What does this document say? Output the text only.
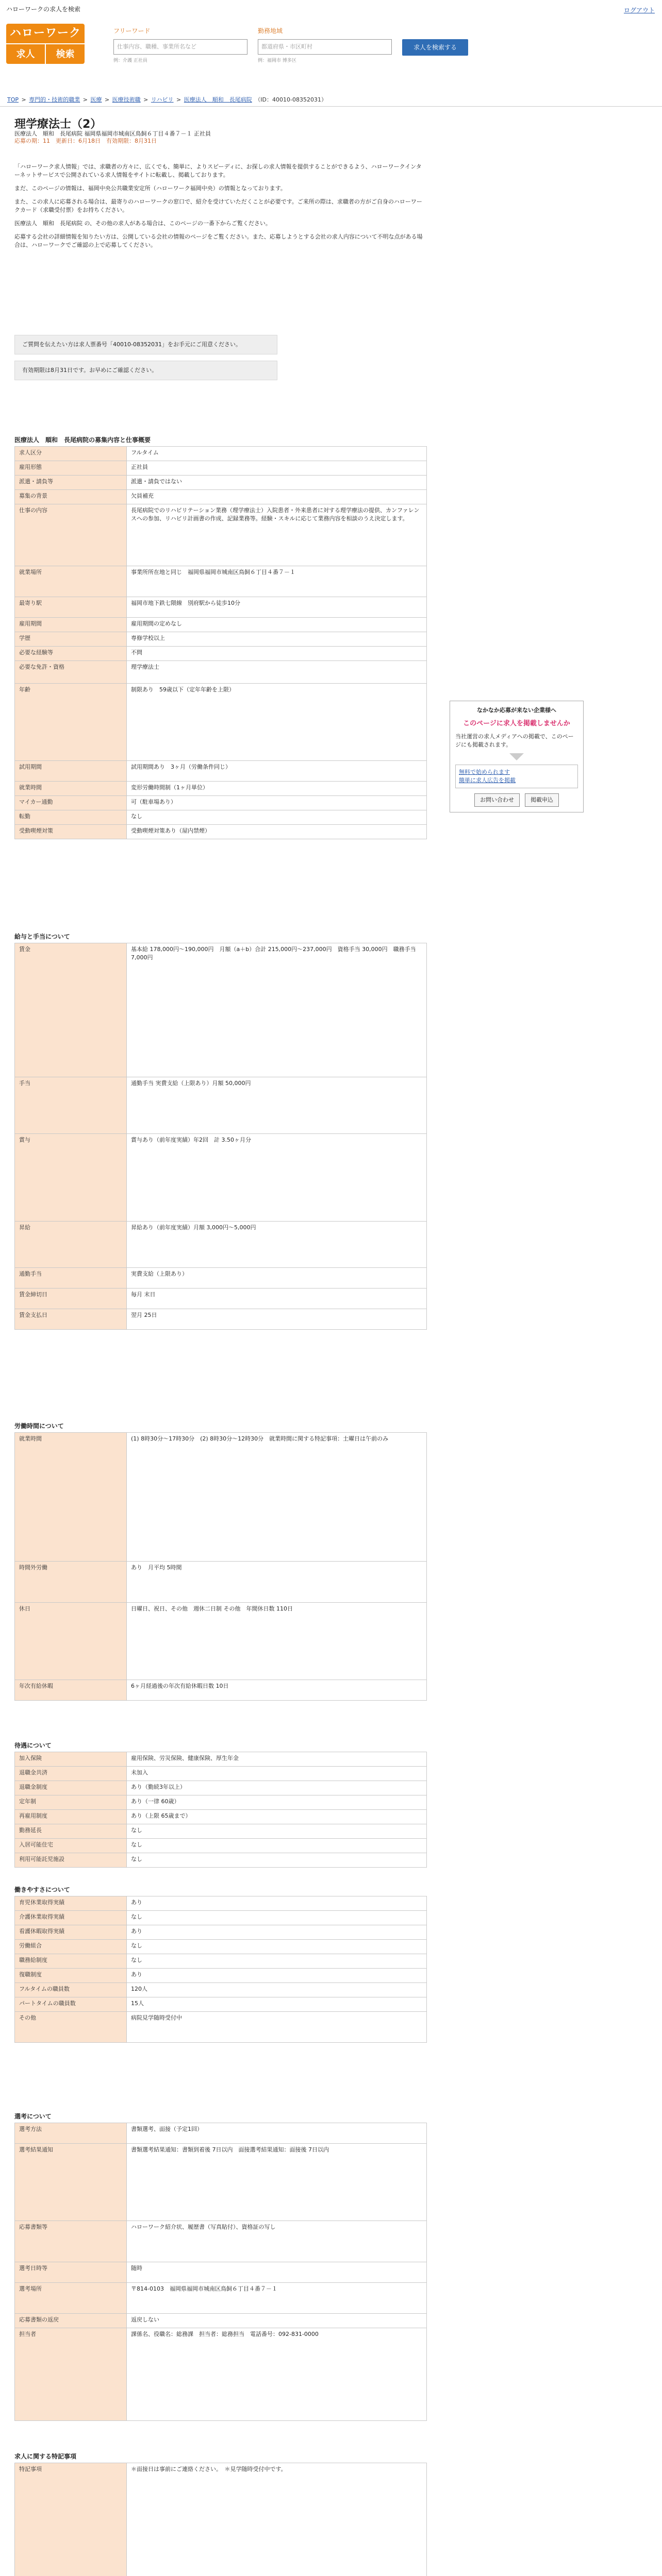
ハローワークの求人を検索	ログアウト
ハローワーク
求人	検索
フリーワード	勤務地域
仕事内容、職種、事業所名など	都道府県・市区町村	求人を検索する
例：介護 正社員	例：福岡市 博多区
TOP > 専門的・技術的職業 > 医療 > 医療技術職 > リハビリ > 医療法人　順和　長尾病院 （ID：40010-08352031）
理学療法士（2）
医療法人　順和　長尾病院 福岡県福岡市城南区鳥飼６丁目４番７－１ 正社員
応募の期：11　更新日：6月18日　有効期限：8月31日

「ハローワーク求人情報」では、求職者の方々に、広くでも、簡単に、よりスピーディに、お探しの求人情報を提供することができるよう、ハローワークインターネットサービスで公開されている求人情報をサイトに転載し、掲載しております。

まだ、このページの情報は、福岡中央公共職業安定所（ハローワーク福岡中央）の情報となっております。

また、この求人に応募される場合は、最寄りのハローワークの窓口で、紹介を受けていただくことが必要です。ご来所の際は、求職者の方がご自身のハローワークカード（求職受付票）をお持ちください。

医療法人　順和　長尾病院 の、その他の求人がある場合は、このページの一番下からご覧ください。

応募する会社の詳細情報を知りたい方は、公開している会社の情報のページをご覧ください。また、応募しようとする会社の求人内容について不明な点がある場合は、ハローワークでご確認の上で応募してください。

ご質問を伝えたい方は求人票番号「40010-08352031」をお手元にご用意ください。
有効期限は8月31日です。お早めにご確認ください。
医療法人　順和　長尾病院の募集内容と仕事概要
求人区分	フルタイム
雇用形態	正社員
派遣・請負等	派遣・請負ではない
募集の背景	欠員補充
仕事の内容	長尾病院でのリハビリテーション業務（理学療法士）入院患者・外来患者に対する理学療法の提供、カンファレンスへの参加、リハビリ計画書の作成、記録業務等。経験・スキルに応じて業務内容を相談のうえ決定します。
就業場所	事業所所在地と同じ　福岡県福岡市城南区鳥飼６丁目４番７－１
最寄り駅	福岡市地下鉄七隈線　別府駅から徒歩10分
雇用期間	雇用期間の定めなし
学歴	専修学校以上
必要な経験等	不問
必要な免許・資格	理学療法士
年齢	制限あり　59歳以下（定年年齢を上限）
試用期間	試用期間あり　3ヶ月（労働条件同じ）
就業時間	変形労働時間制（1ヶ月単位）
マイカー通勤	可（駐車場あり）
転勤	なし
受動喫煙対策	受動喫煙対策あり（屋内禁煙）
なかなか応募が来ない企業様へ
このページに求人を掲載しませんか
当社運営の求人メディアへの掲載で、このページにも掲載されます。
無料で始められます
簡単に求人広告を掲載
お問い合わせ	掲載申込
給与と手当について
賃金	基本給 178,000円〜190,000円　月額（a＋b）合計 215,000円〜237,000円　資格手当 30,000円　職務手当 7,000円
手当	通勤手当 実費支給（上限あり）月額 50,000円
賞与	賞与あり（前年度実績）年2回　計 3.50ヶ月分
昇給	昇給あり（前年度実績）月額 3,000円〜5,000円
通勤手当	実費支給（上限あり）
賃金締切日	毎月 末日
賃金支払日	翌月 25日
労働時間について
就業時間	(1) 8時30分〜17時30分　(2) 8時30分〜12時30分　就業時間に関する特記事項：土曜日は午前のみ
時間外労働	あり　月平均 5時間
休日	日曜日、祝日、その他　週休二日制 その他　年間休日数 110日
年次有給休暇	6ヶ月経過後の年次有給休暇日数 10日
待遇について
加入保険	雇用保険、労災保険、健康保険、厚生年金
退職金共済	未加入
退職金制度	あり（勤続3年以上）
定年制	あり（一律 60歳）
再雇用制度	あり（上限 65歳まで）
勤務延長	なし
入居可能住宅	なし
利用可能託児施設	なし
働きやすさについて
育児休業取得実績	あり
介護休業取得実績	なし
看護休暇取得実績	あり
労働組合	なし
職務給制度	なし
復職制度	あり
フルタイムの職員数	120人
パートタイムの職員数	15人
その他	病院見学随時受付中
選考について
選考方法	書類選考、面接（予定1回）
選考結果通知	書類選考結果通知：書類到着後 7日以内　面接選考結果通知：面接後 7日以内
応募書類等	ハローワーク紹介状、履歴書（写真貼付）、資格証の写し
選考日時等	随時
選考場所	〒814-0103　福岡県福岡市城南区鳥飼６丁目４番７－１
応募書類の返戻	返戻しない
担当者	課係名、役職名：総務課　担当者：総務担当　電話番号：092-831-0000
求人に関する特記事項
特記事項	＊面接日は事前にご連絡ください。　＊見学随時受付中です。
